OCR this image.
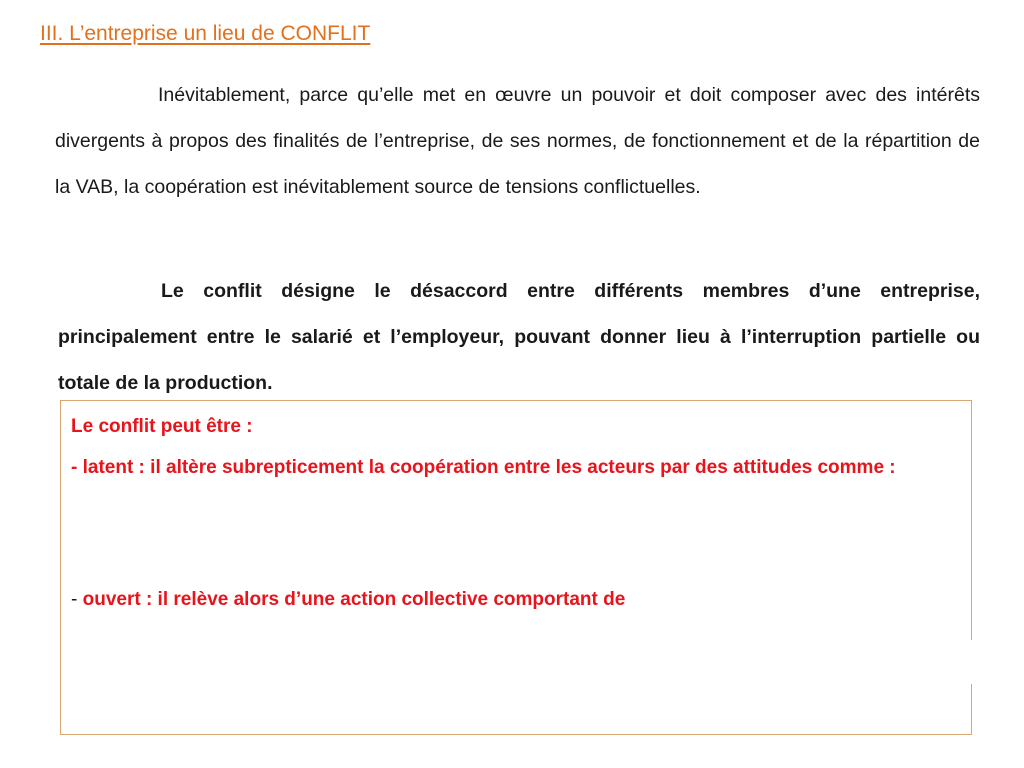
III. L’entreprise un lieu de CONFLIT
Inévitablement, parce qu’elle met en œuvre un pouvoir et doit composer avec des intérêts divergents à propos des finalités de l’entreprise, de ses normes, de fonctionnement et de la répartition de la VAB, la coopération est inévitablement source de tensions conflictuelles.
Le conflit désigne le désaccord entre différents membres d’une entreprise, principalement entre le salarié et l’employeur, pouvant donner lieu à l’interruption partielle ou totale de la production.
Le conflit peut être :
- latent : il altère subrepticement la coopération entre les acteurs par des attitudes comme :
- ouvert : il relève alors d’une action collective comportant de
